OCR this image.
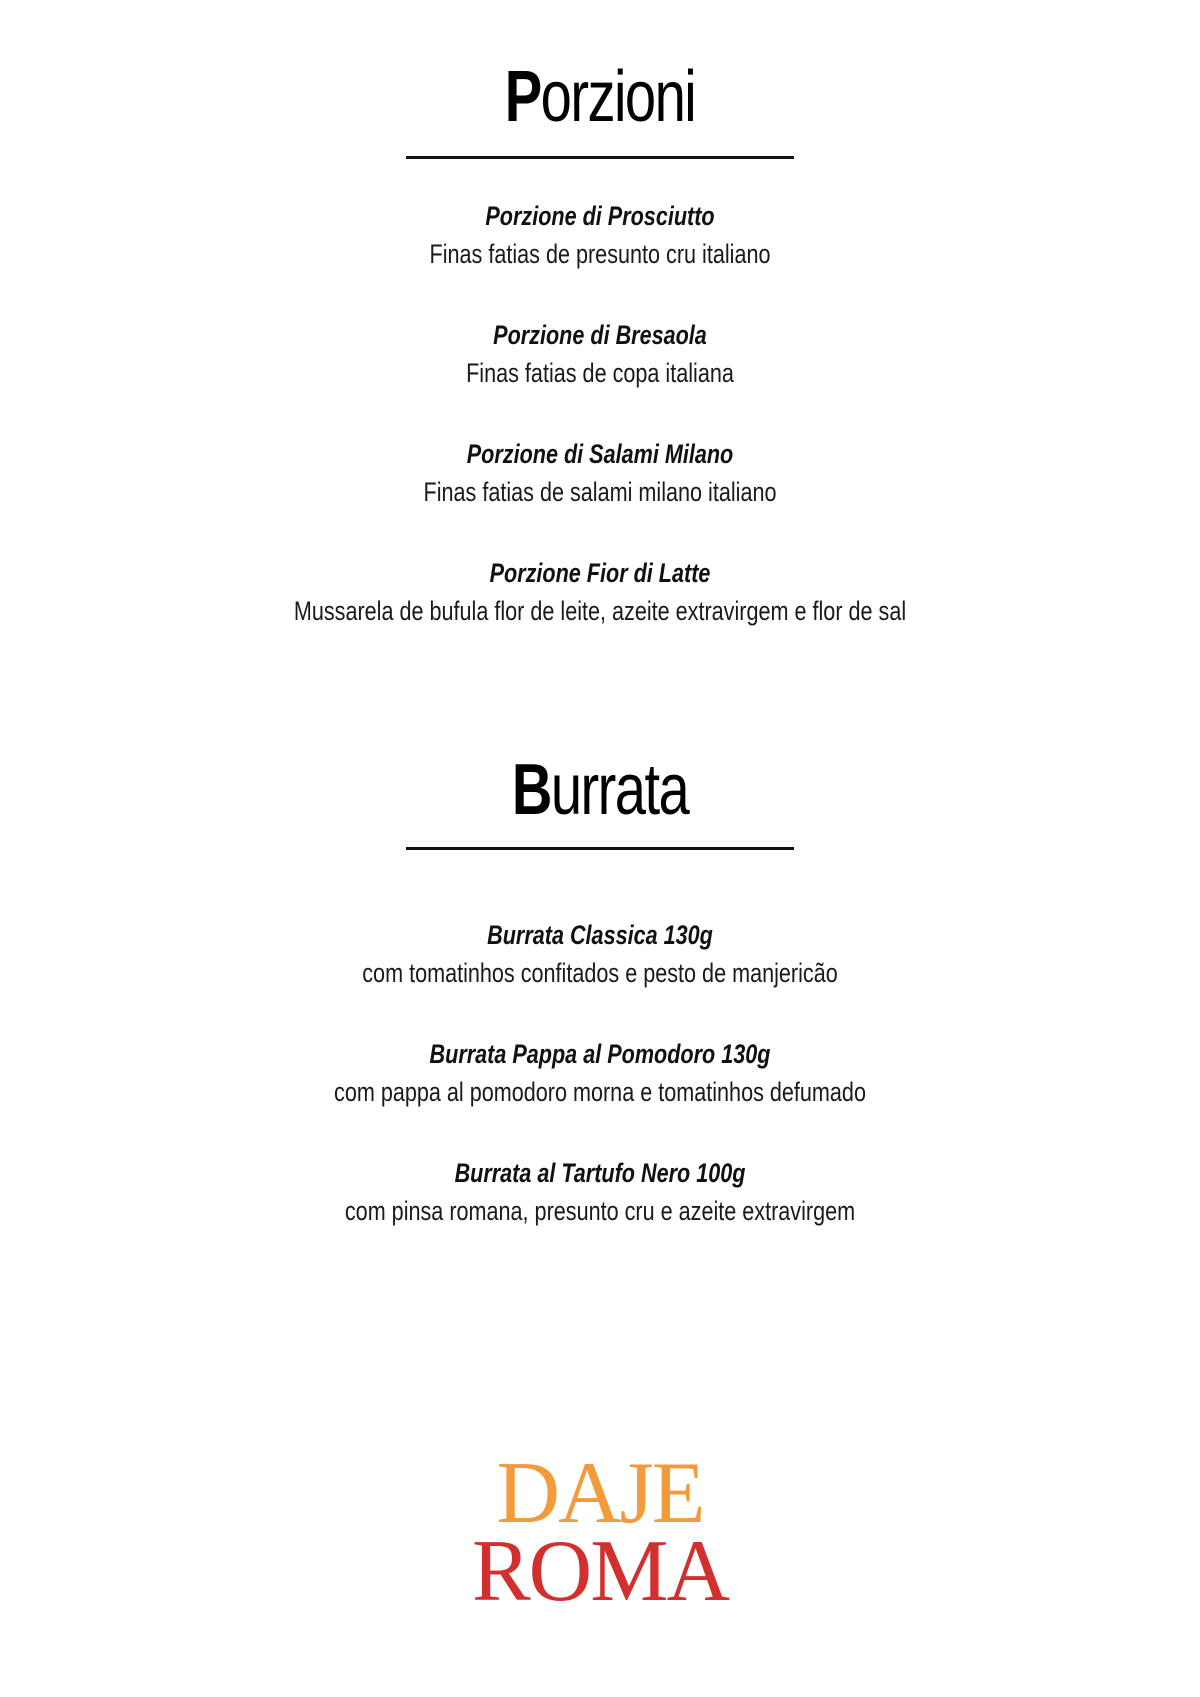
Porzioni
Porzione di Prosciutto
Finas fatias de presunto cru italiano
Porzione di Bresaola
Finas fatias de copa italiana
Porzione di Salami Milano
Finas fatias de salami milano italiano
Porzione Fior di Latte
Mussarela de bufula flor de leite, azeite extravirgem e flor de sal
Burrata
Burrata Classica 130g
com tomatinhos confitados e pesto de manjericão
Burrata Pappa al Pomodoro 130g
com pappa al pomodoro morna e tomatinhos defumado
Burrata al Tartufo Nero 100g
com pinsa romana, presunto cru e azeite extravirgem
DAJE
ROMA
